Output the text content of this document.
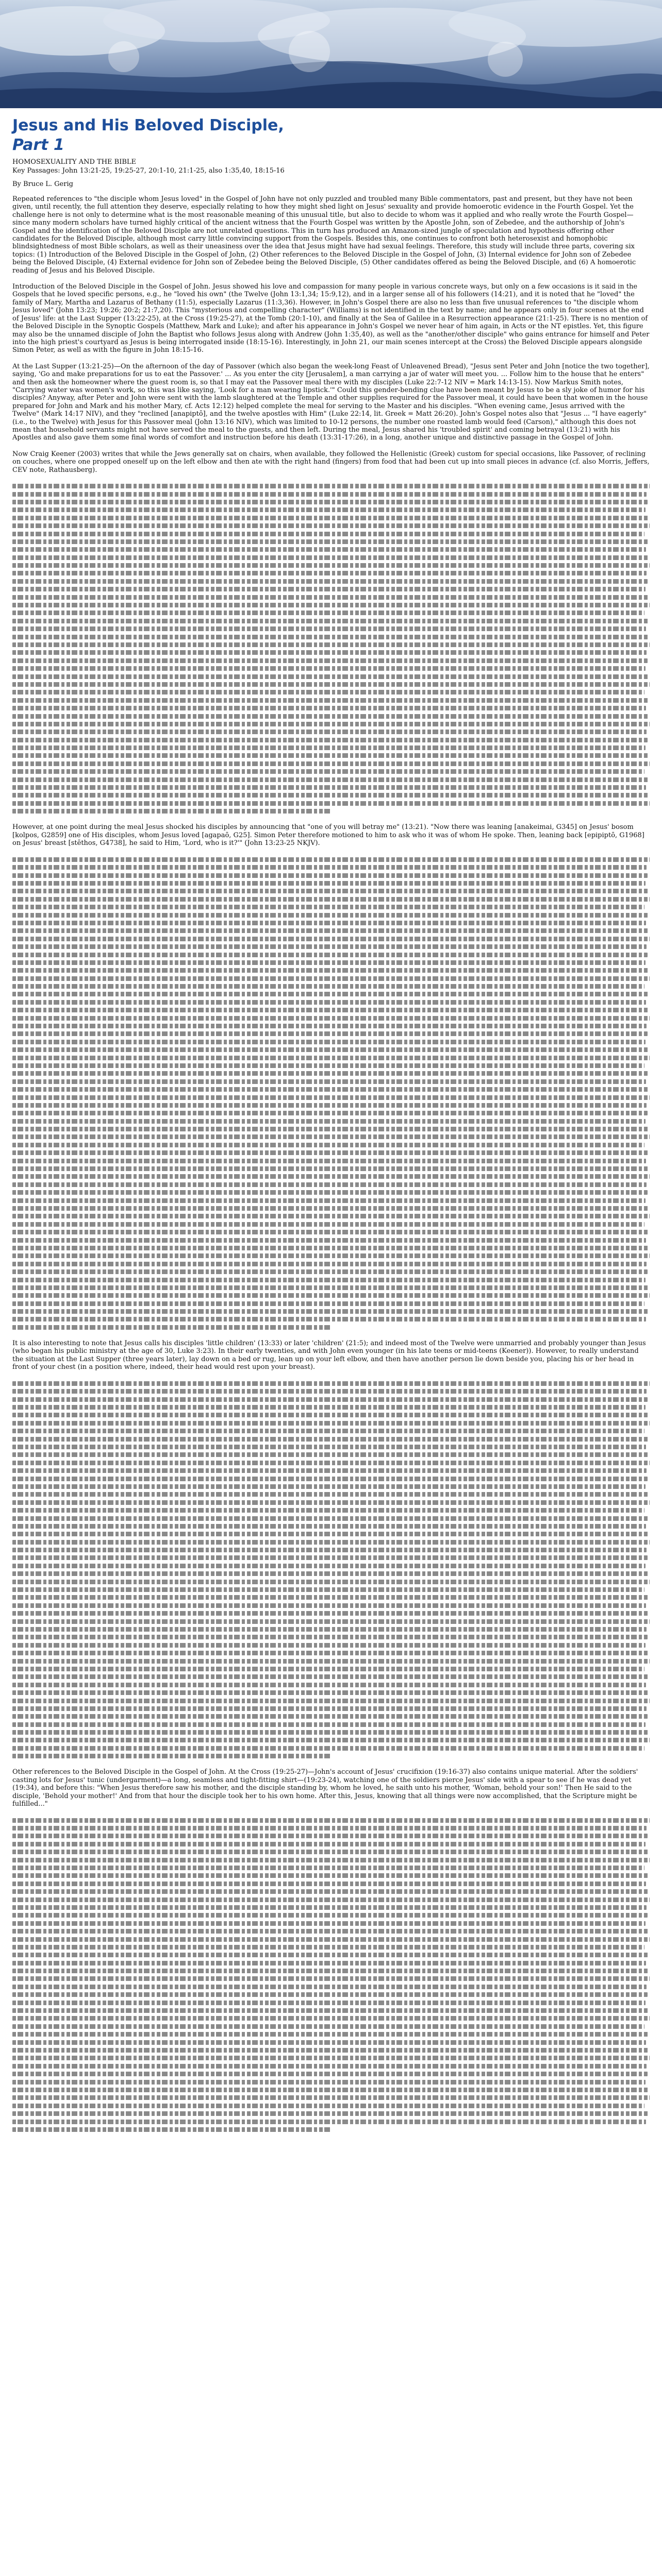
Jesus and His Beloved Disciple,
Part 1

HOMOSEXUALITY AND THE BIBLE

Key Passages: John 13:21-25, 19:25-27, 20:1-10, 21:1-25, also 1:35,40, 18:15-16

By Bruce L. Gerig

Repeated references to "the disciple whom Jesus loved" in the Gospel of John have not only puzzled and troubled many Bible commentators, past and present, but they have not been given, until recently, the full attention they deserve, especially relating to how they might shed light on Jesus' sexuality and provide homoerotic evidence in the Fourth Gospel. Yet the challenge here is not only to determine what is the most reasonable meaning of this unusual title, but also to decide to whom was it applied and who really wrote the Fourth Gospel—since many modern scholars have turned highly critical of the ancient witness that the Fourth Gospel was written by the Apostle John, son of Zebedee, and the authorship of John's Gospel and the identification of the Beloved Disciple are not unrelated questions. This in turn has produced an Amazon-sized jungle of speculation and hypothesis offering other candidates for the Beloved Disciple, although most carry little convincing support from the Gospels. Besides this, one continues to confront both heterosexist and homophobic blindsightedness of most Bible scholars, as well as their uneasiness over the idea that Jesus might have had sexual feelings. Therefore, this study will include three parts, covering six topics: (1) Introduction of the Beloved Disciple in the Gospel of John, (2) Other references to the Beloved Disciple in the Gospel of John, (3) Internal evidence for John son of Zebedee being the Beloved Disciple, (4) External evidence for John son of Zebedee being the Beloved Disciple, (5) Other candidates offered as being the Beloved Disciple, and (6) A homoerotic reading of Jesus and his Beloved Disciple.

Introduction of the Beloved Disciple in the Gospel of John. Jesus showed his love and compassion for many people in various concrete ways, but only on a few occasions is it said in the Gospels that he loved specific persons, e.g., he "loved his own" (the Twelve (John 13:1,34; 15:9,12), and in a larger sense all of his followers (14:21), and it is noted that he "loved" the family of Mary, Martha and Lazarus of Bethany (11:5), especially Lazarus (11:3,36). However, in John's Gospel there are also no less than five unusual references to "the disciple whom Jesus loved" (John 13:23; 19:26; 20:2; 21:7,20). This "mysterious and compelling character" (Williams) is not identified in the text by name; and he appears only in four scenes at the end of Jesus' life: at the Last Supper (13:22-25), at the Cross (19:25-27), at the Tomb (20:1-10), and finally at the Sea of Galilee in a Resurrection appearance (21:1-25). There is no mention of the Beloved Disciple in the Synoptic Gospels (Matthew, Mark and Luke); and after his appearance in John's Gospel we never hear of him again, in Acts or the NT epistles. Yet, this figure may also be the unnamed disciple of John the Baptist who follows Jesus along with Andrew (John 1:35,40), as well as the "another/other disciple" who gains entrance for himself and Peter into the high priest's courtyard as Jesus is being interrogated inside (18:15-16). Interestingly, in John 21, our main scenes intercept at the Cross) the Beloved Disciple appears alongside Simon Peter, as well as with the figure in John 18:15-16.

At the Last Supper (13:21-25)—On the afternoon of the day of Passover (which also began the week-long Feast of Unleavened Bread), "Jesus sent Peter and John [notice the two together], saying, 'Go and make preparations for us to eat the Passover.' ... As you enter the city [Jerusalem], a man carrying a jar of water will meet you. ... Follow him to the house that he enters" and then ask the homeowner where the guest room is, so that I may eat the Passover meal there with my disciples (Luke 22:7-12 NIV = Mark 14:13-15). Now Markus Smith notes, "Carrying water was women's work, so this was like saying, 'Look for a man wearing lipstick.'" Could this gender-bending clue have been meant by Jesus to be a sly joke of humor for his disciples? Anyway, after Peter and John were sent with the lamb slaughtered at the Temple and other supplies required for the Passover meal, it could have been that women in the house prepared for John and Mark and his mother Mary, cf. Acts 12:12) helped complete the meal for serving to the Master and his disciples. "When evening came, Jesus arrived with the Twelve" (Mark 14:17 NIV), and they "reclined [anapiptō], and the twelve apostles with Him" (Luke 22:14, lit. Greek = Matt 26:20). John's Gospel notes also that "Jesus ... "I have eagerly" (i.e., to the Twelve) with Jesus for this Passover meal (John 13:16 NIV), which was limited to 10-12 persons, the number one roasted lamb would feed (Carson)," although this does not mean that household servants might not have served the meal to the guests, and then left. During the meal, Jesus shared his 'troubled spirit' and coming betrayal (13:21) with his Apostles and also gave them some final words of comfort and instruction before his death (13:31-17:26), in a long, another unique and distinctive passage in the Gospel of John.

Now Craig Keener (2003) writes that while the Jews generally sat on chairs, when available, they followed the Hellenistic (Greek) custom for special occasions, like Passover, of reclining on couches, where one propped oneself up on the left elbow and then ate with the right hand (fingers) from food that had been cut up into small pieces in advance (cf. also Morris, Jeffers, CEV note, Rathausberg).

However, at one point during the meal Jesus shocked his disciples by announcing that "one of you will betray me" (13:21). "Now there was leaning [anakeimai, G345] on Jesus' bosom [kolpos, G2859] one of His disciples, whom Jesus loved [agapaō, G25]. Simon Peter therefore motioned to him to ask who it was of whom He spoke. Then, leaning back [epipiptō, G1968] on Jesus' breast [stēthos, G4738], he said to Him, 'Lord, who is it?'" (John 13:23-25 NKJV).

It is also interesting to note that Jesus calls his disciples 'little children' (13:33) or later 'children' (21:5); and indeed most of the Twelve were unmarried and probably younger than Jesus (who began his public ministry at the age of 30, Luke 3:23). In their early twenties, and with John even younger (in his late teens or mid-teens (Keener)). However, to really understand the situation at the Last Supper (three years later), lay down on a bed or rug, lean up on your left elbow, and then have another person lie down beside you, placing his or her head in front of your chest (in a position where, indeed, their head would rest upon your breast).

Other references to the Beloved Disciple in the Gospel of John. At the Cross (19:25-27)—John's account of Jesus' crucifixion (19:16-37) also contains unique material. After the soldiers' casting lots for Jesus' tunic (undergarment)—a long, seamless and tight-fitting shirt—(19:23-24), watching one of the soldiers pierce Jesus' side with a spear to see if he was dead yet (19:34), and before this: "When Jesus therefore saw his mother, and the disciple standing by, whom he loved, he saith unto his mother, 'Woman, behold your son!' Then He said to the disciple, 'Behold your mother!' And from that hour the disciple took her to his own home. After this, Jesus, knowing that all things were now accomplished, that the Scripture might be fulfilled..."
